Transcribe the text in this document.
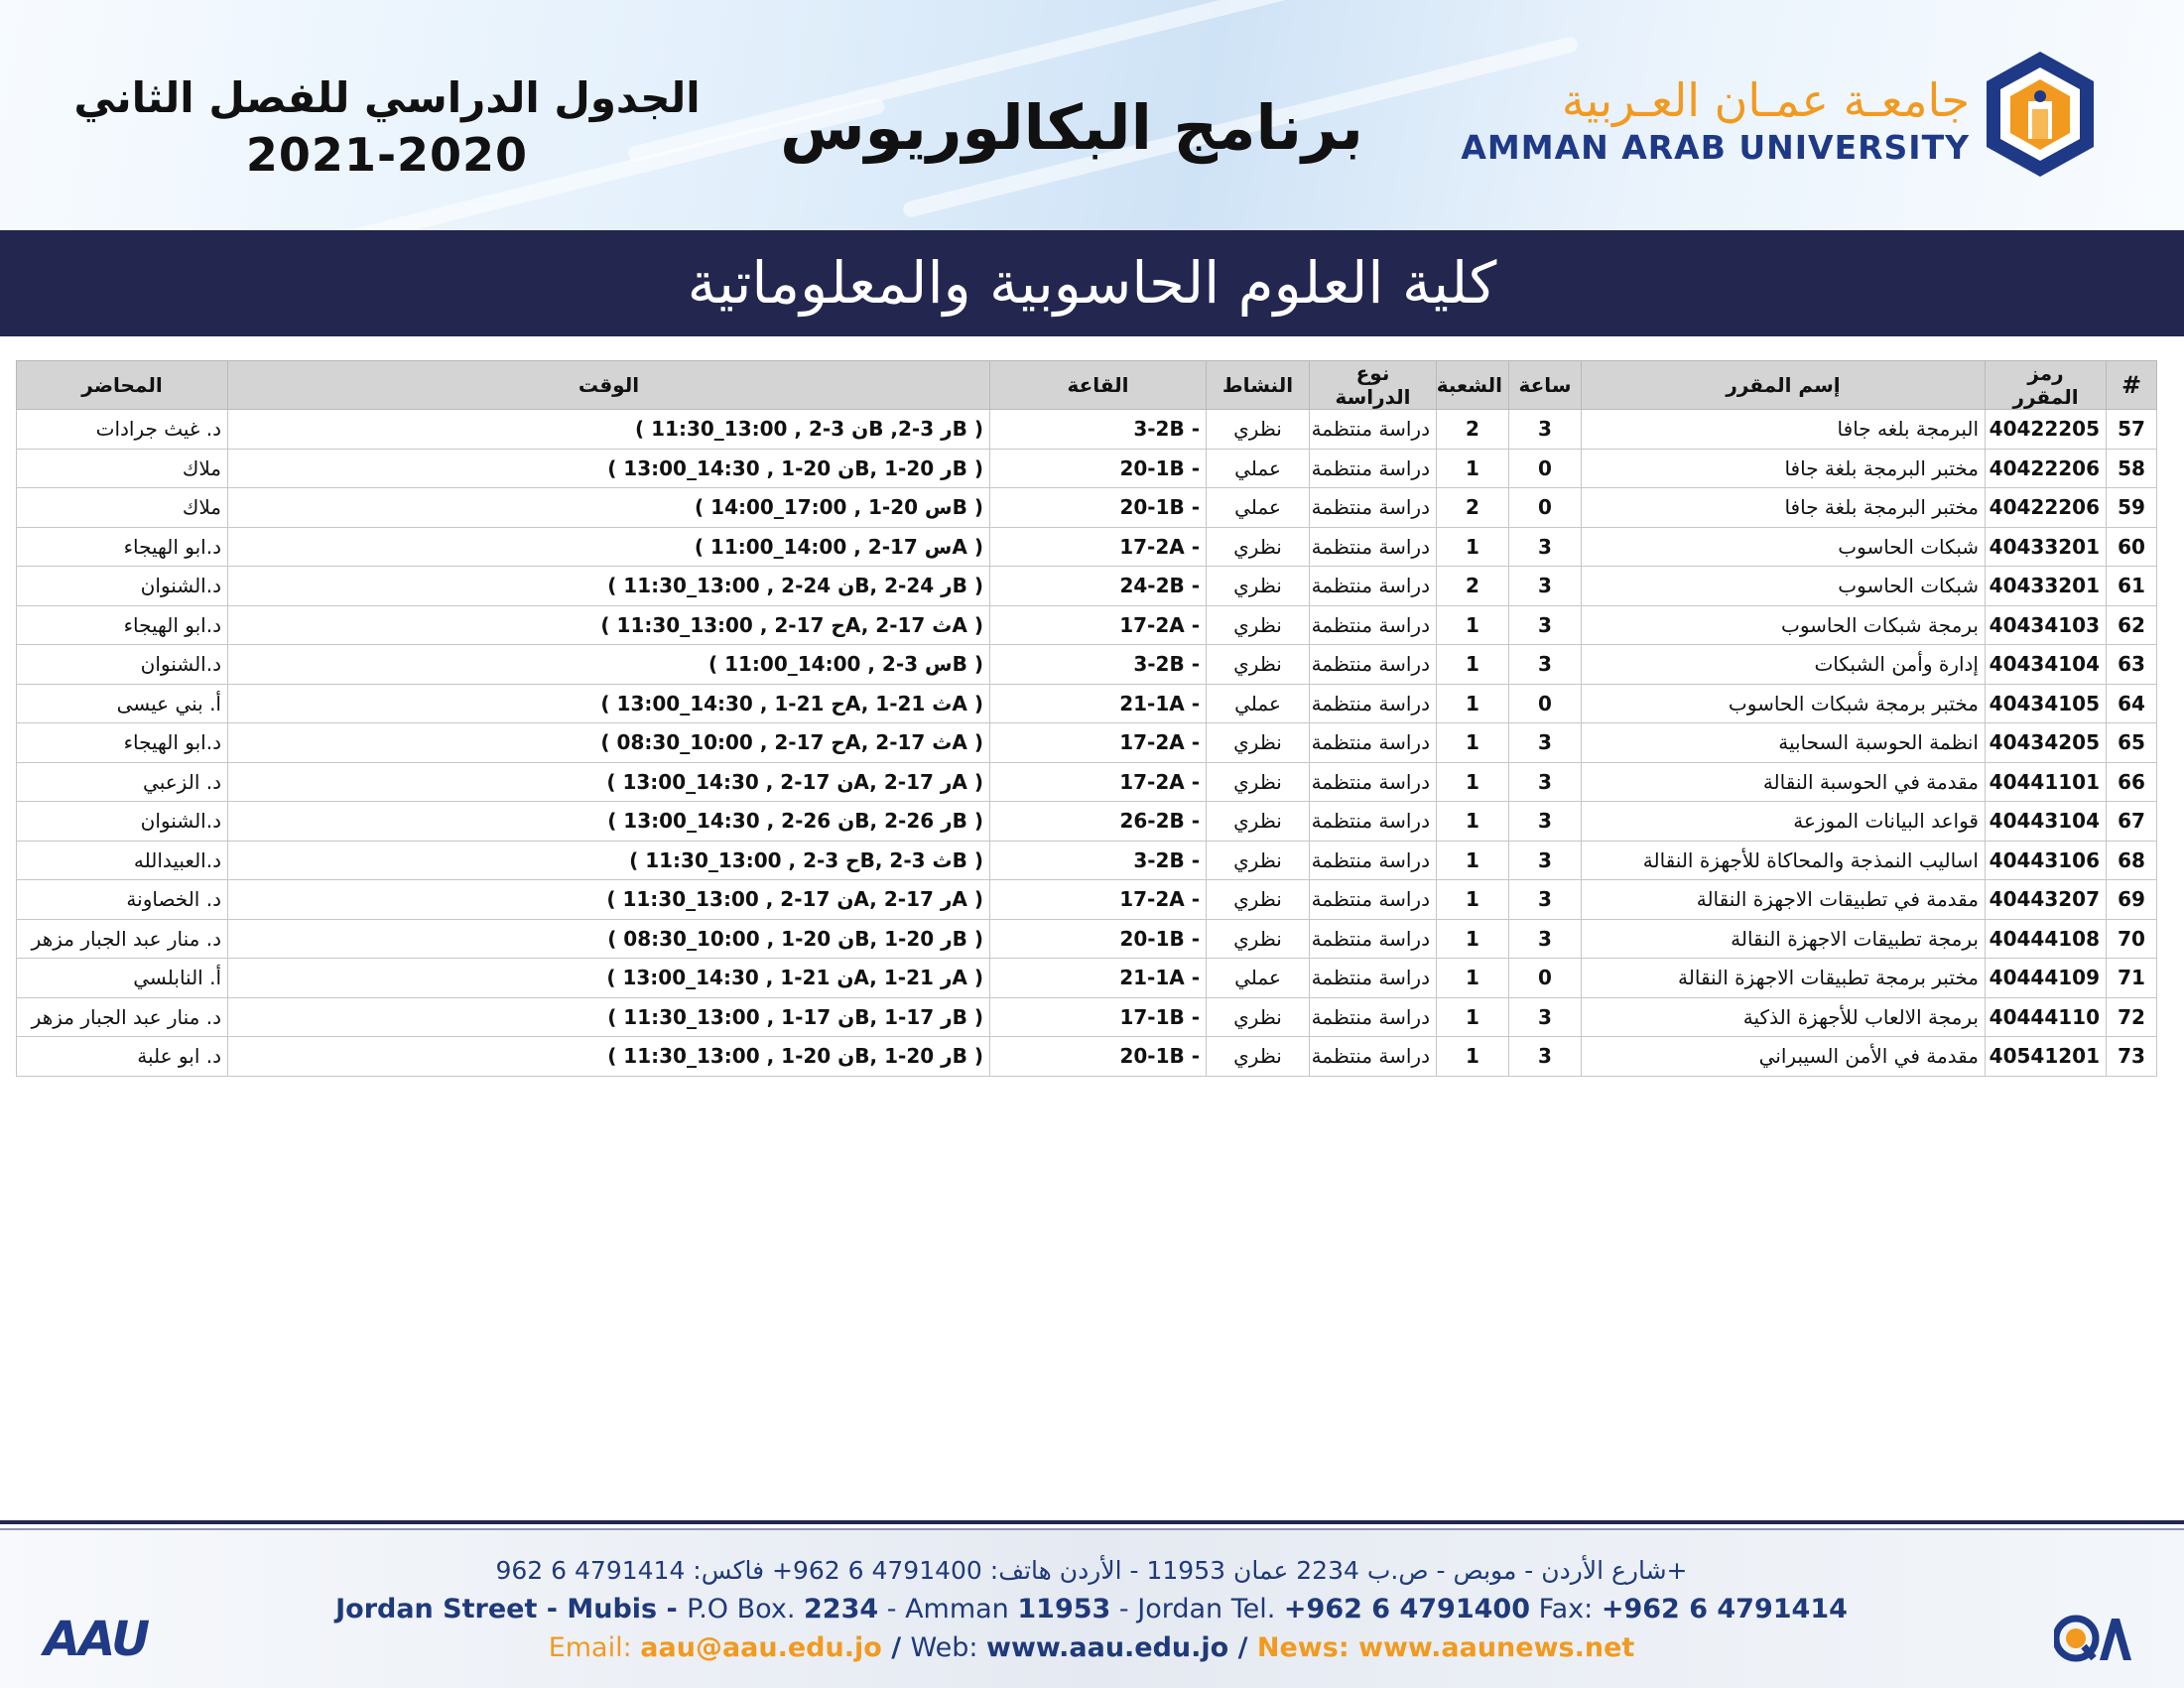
الجدول الدراسي للفصل الثاني
2021-2020	برنامج البكالوريوس	جامعـة عمـان العـربية
AMMAN ARAB UNIVERSITY
كلية العلوم الحاسوبية والمعلوماتية
#	رمز المقرر	إسم المقرر	ساعة	الشعبة	نوع الدراسة	النشاط	القاعة	الوقت	المحاضر
57	40422205	البرمجة بلغه جافا	3	2	دراسة منتظمة	نظري	- 3-2B	( 11:30_13:00 , ن 3-2B ,ر 3-2B )	د. غيث جرادات
58	40422206	مختبر البرمجة بلغة جافا	0	1	دراسة منتظمة	عملي	- 20-1B	( 13:00_14:30 , ن 20-1B, ر 20-1B )	ملاك
59	40422206	مختبر البرمجة بلغة جافا	0	2	دراسة منتظمة	عملي	- 20-1B	( 14:00_17:00 , س 20-1B )	ملاك
60	40433201	شبكات الحاسوب	3	1	دراسة منتظمة	نظري	- 17-2A	( 11:00_14:00 , س 17-2A )	د.ابو الهيجاء
61	40433201	شبكات الحاسوب	3	2	دراسة منتظمة	نظري	- 24-2B	( 11:30_13:00 , ن 24-2B, ر 24-2B )	د.الشنوان
62	40434103	برمجة شبكات الحاسوب	3	1	دراسة منتظمة	نظري	- 17-2A	( 11:30_13:00 , ح 17-2A, ث 17-2A )	د.ابو الهيجاء
63	40434104	إدارة وأمن الشبكات	3	1	دراسة منتظمة	نظري	- 3-2B	( 11:00_14:00 , س 3-2B )	د.الشنوان
64	40434105	مختبر برمجة شبكات الحاسوب	0	1	دراسة منتظمة	عملي	- 21-1A	( 13:00_14:30 , ح 21-1A, ث 21-1A )	أ. بني عيسى
65	40434205	انظمة الحوسبة السحابية	3	1	دراسة منتظمة	نظري	- 17-2A	( 08:30_10:00 , ح 17-2A, ث 17-2A )	د.ابو الهيجاء
66	40441101	مقدمة في الحوسبة النقالة	3	1	دراسة منتظمة	نظري	- 17-2A	( 13:00_14:30 , ن 17-2A, ر 17-2A )	د. الزعبي
67	40443104	قواعد البيانات الموزعة	3	1	دراسة منتظمة	نظري	- 26-2B	( 13:00_14:30 , ن 26-2B, ر 26-2B )	د.الشنوان
68	40443106	اساليب النمذجة والمحاكاة للأجهزة النقالة	3	1	دراسة منتظمة	نظري	- 3-2B	( 11:30_13:00 , ح 3-2B, ث 3-2B )	د.العبيدالله
69	40443207	مقدمة في تطبيقات الاجهزة النقالة	3	1	دراسة منتظمة	نظري	- 17-2A	( 11:30_13:00 , ن 17-2A, ر 17-2A )	د. الخصاونة
70	40444108	برمجة تطبيقات الاجهزة النقالة	3	1	دراسة منتظمة	نظري	- 20-1B	( 08:30_10:00 , ن 20-1B, ر 20-1B )	د. منار عبد الجبار مزهر
71	40444109	مختبر برمجة تطبيقات الاجهزة النقالة	0	1	دراسة منتظمة	عملي	- 21-1A	( 13:00_14:30 , ن 21-1A, ر 21-1A )	أ. النابلسي
72	40444110	برمجة الالعاب للأجهزة الذكية	3	1	دراسة منتظمة	نظري	- 17-1B	( 11:30_13:00 , ن 17-1B, ر 17-1B )	د. منار عبد الجبار مزهر
73	40541201	مقدمة في الأمن السيبراني	3	1	دراسة منتظمة	نظري	- 20-1B	( 11:30_13:00 , ن 20-1B, ر 20-1B )	د. ابو علبة
شارع الأردن - موبص - ص.ب 2234 عمان 11953 - الأردن هاتف: 4791400 6 962+ فاكس: 4791414 6 962+
Jordan Street - Mubis - P.O Box. 2234 - Amman 11953 - Jordan Tel. +962 6 4791400 Fax: +962 6 4791414
Email: aau@aau.edu.jo / Web: www.aau.edu.jo / News: www.aaunews.net
AAU
